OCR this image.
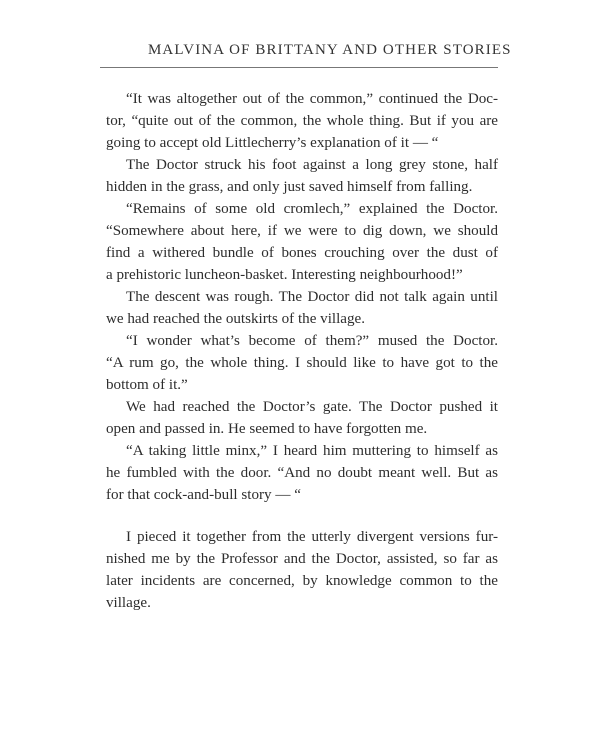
MALVINA OF BRITTANY AND OTHER STORIES

“It was altogether out of the common,” continued the Doc-
tor, “quite out of the common, the whole thing. But if you are
going to accept old Littlecherry’s explanation of it — “

The Doctor struck his foot against a long grey stone, half
hidden in the grass, and only just saved himself from falling.

“Remains of some old cromlech,” explained the Doctor.
“Somewhere about here, if we were to dig down, we should
find a withered bundle of bones crouching over the dust of
a prehistoric luncheon-basket. Interesting neighbourhood!”

The descent was rough. The Doctor did not talk again until
we had reached the outskirts of the village.

“I wonder what’s become of them?” mused the Doctor.
“A rum go, the whole thing. I should like to have got to the
bottom of it.”

We had reached the Doctor’s gate. The Doctor pushed it
open and passed in. He seemed to have forgotten me.

“A taking little minx,” I heard him muttering to himself as
he fumbled with the door. “And no doubt meant well. But as
for that cock-and-bull story — “

I pieced it together from the utterly divergent versions fur-
nished me by the Professor and the Doctor, assisted, so far as
later incidents are concerned, by knowledge common to the
village.
